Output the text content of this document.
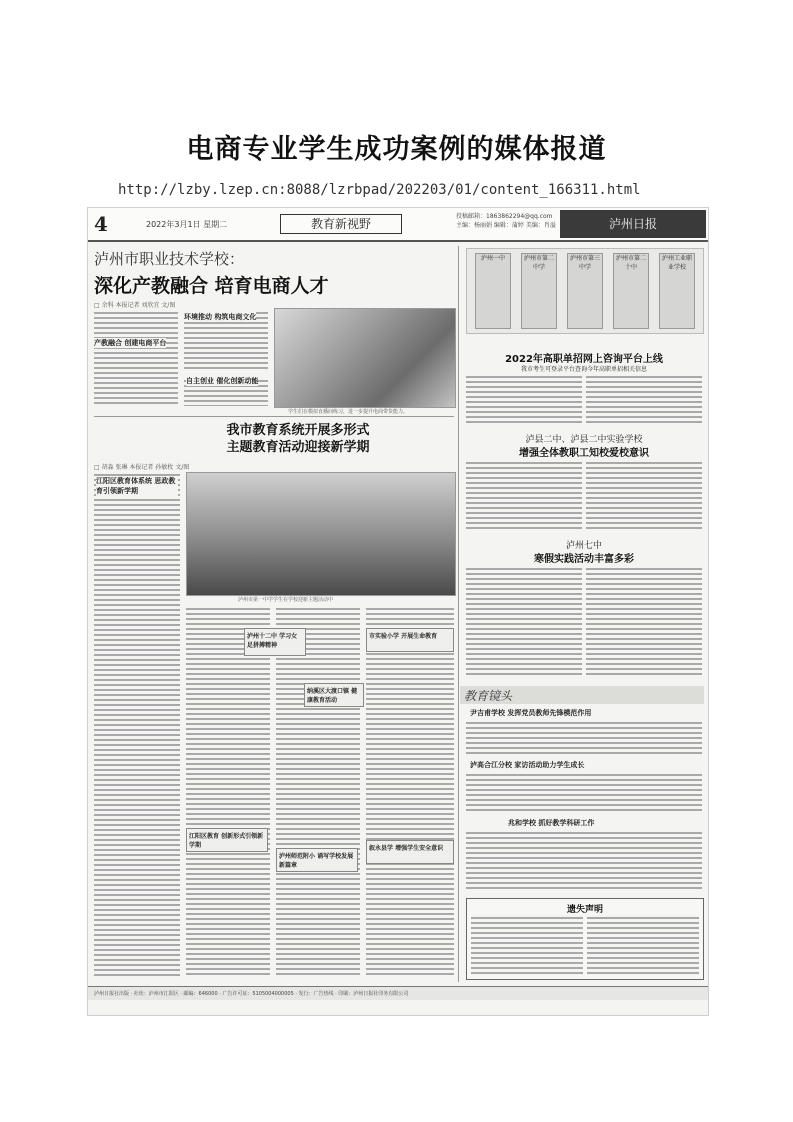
电商专业学生成功案例的媒体报道
http://lzby.lzep.cn:8088/lzrbpad/202203/01/content_166311.html
4	2022年3月1日 星期二	教育新视野
投稿邮箱：1863862294@qq.com
主编：杨丽娟 编辑：蒲婷 美编：肖溢	泸州日报
泸州市职业技术学校：
深化产教融合 培育电商人才
□ 余科 本报记者 刘欣宜 文/图
产教融合 创建电商平台
环境推动 构筑电商文化
学生们在模拟直播间练习，进一步提升电商带货能力。
自主创业 催化创新动能
我市教育系统开展多形式
主题教育活动迎接新学期
□ 胡淼 张琳 本报记者 孙敏枚 文/图
江阳区教育体系统 思政教育引领新学期
泸州市第一中学学生在学校迎新主题活动中
泸州十二中 学习女足拼搏精神
纳溪区大渡口镇 健康教育活动
江阳区教育 创新形式引领新学期
泸州师范附小 诵写学校发展新篇章
市实验小学 开展生命教育
叙永县学 增强学生安全意识
泸州一中	泸州市第二中学
泸州市第三中学
泸州市第二十中
泸州工业职业学校
2022年高职单招网上咨询平台上线
我市考生可登录平台查询今年高职单招相关信息
泸县二中、泸县二中实验学校
增强全体教职工知校爱校意识
泸州七中
寒假实践活动丰富多彩
教育镜头
尹吉甫学校 发挥党员教师先锋模范作用
泸高合江分校 家访活动助力学生成长
兆和学校 抓好教学科研工作
遗失声明
泸州日报社出版 · 社址：泸州市江阳区 · 邮编：646000 · 广告许可证：5105004000005 · 发行：广告热线 · 印刷：泸州日报社印务有限公司
